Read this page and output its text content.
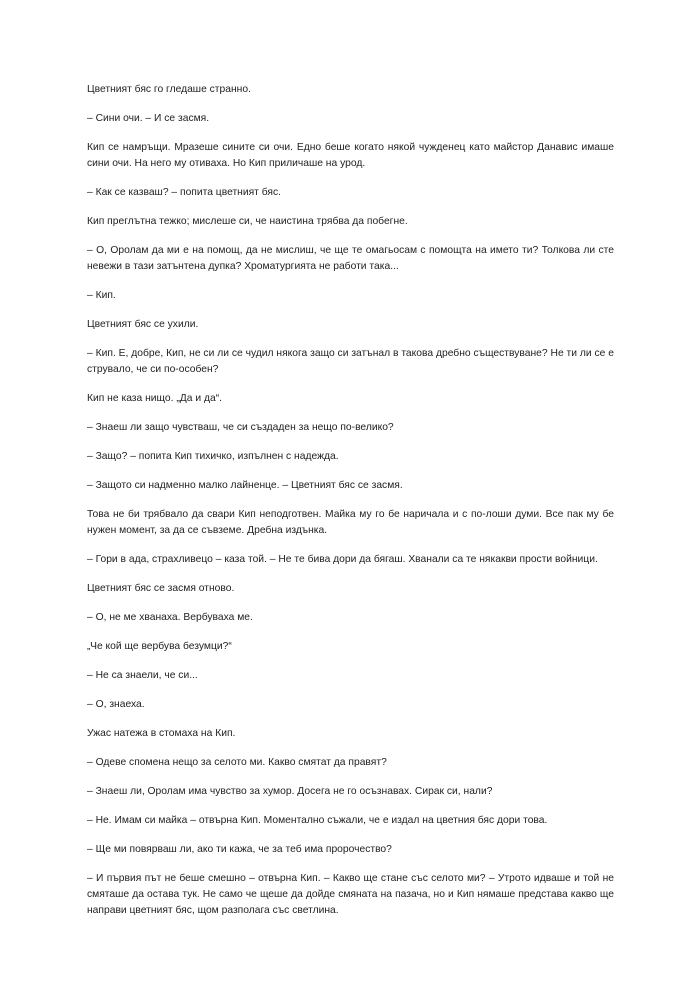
Цветният бяс го гледаше странно.

– Сини очи. – И се засмя.

Кип се намръщи. Мразеше сините си очи. Едно беше когато някой чужденец като майстор Данавис имаше сини очи. На него му отиваха. Но Кип приличаше на урод.

– Как се казваш? – попита цветният бяс.

Кип преглътна тежко; мислеше си, че наистина трябва да побегне.

– О, Оролам да ми е на помощ, да не мислиш, че ще те омагьосам с помощта на името ти? Толкова ли сте невежи в тази затънтена дупка? Хроматургията не работи така...

– Кип.

Цветният бяс се ухили.

– Кип. Е, добре, Кип, не си ли се чудил някога защо си затънал в такова дребно съществуване? Не ти ли се е струвало, че си по-особен?

Кип не каза нищо. „Да и да“.

– Знаеш ли защо чувстваш, че си създаден за нещо по-велико?

– Защо? – попита Кип тихичко, изпълнен с надежда.

– Защото си надменно малко лайненце. – Цветният бяс се засмя.

Това не би трябвало да свари Кип неподготвен. Майка му го бе наричала и с по-лоши думи. Все пак му бе нужен момент, за да се съвземе. Дребна издънка.

– Гори в ада, страхливецо – каза той. – Не те бива дори да бягаш. Хванали са те някакви прости войници.

Цветният бяс се засмя отново.

– О, не ме хванаха. Вербуваха ме.

„Че кой ще вербува безумци?“

– Не са знаели, че си...

– О, знаеха.

Ужас натежа в стомаха на Кип.

– Одеве спомена нещо за селото ми. Какво смятат да правят?

– Знаеш ли, Оролам има чувство за хумор. Досега не го осъзнавах. Сирак си, нали?

– Не. Имам си майка – отвърна Кип. Моментално съжали, че е издал на цветния бяс дори това.

– Ще ми повярваш ли, ако ти кажа, че за теб има пророчество?

– И първия път не беше смешно – отвърна Кип. – Какво ще стане със селото ми? – Утрото идваше и той не смяташе да остава тук. Не само че щеше да дойде смяната на пазача, но и Кип нямаше представа какво ще направи цветният бяс, щом разполага със светлина.
